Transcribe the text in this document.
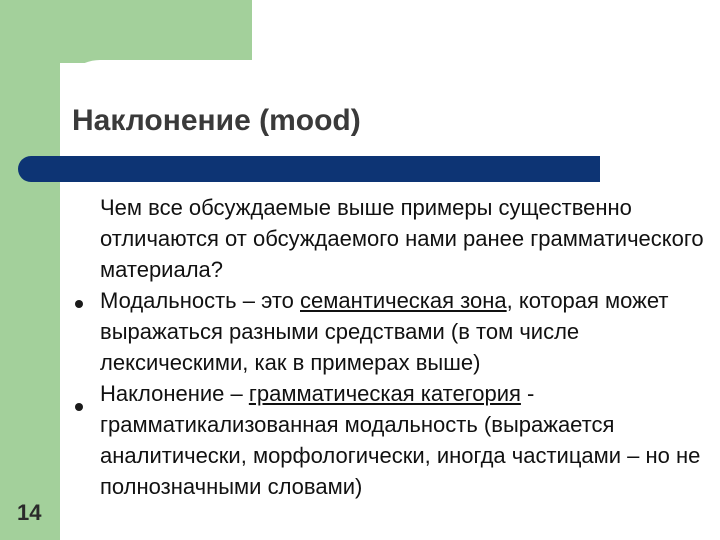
Наклонение (mood)

Чем все обсуждаемые выше примеры существенно отличаются от обсуждаемого нами ранее грамматического материала?

Модальность – это семантическая зона, которая может выражаться разными средствами (в том числе лексическими, как в примерах выше)

Наклонение – грамматическая категория - грамматикализованная модальность (выражается аналитически, морфологически, иногда частицами – но не полнозначными словами)

14
